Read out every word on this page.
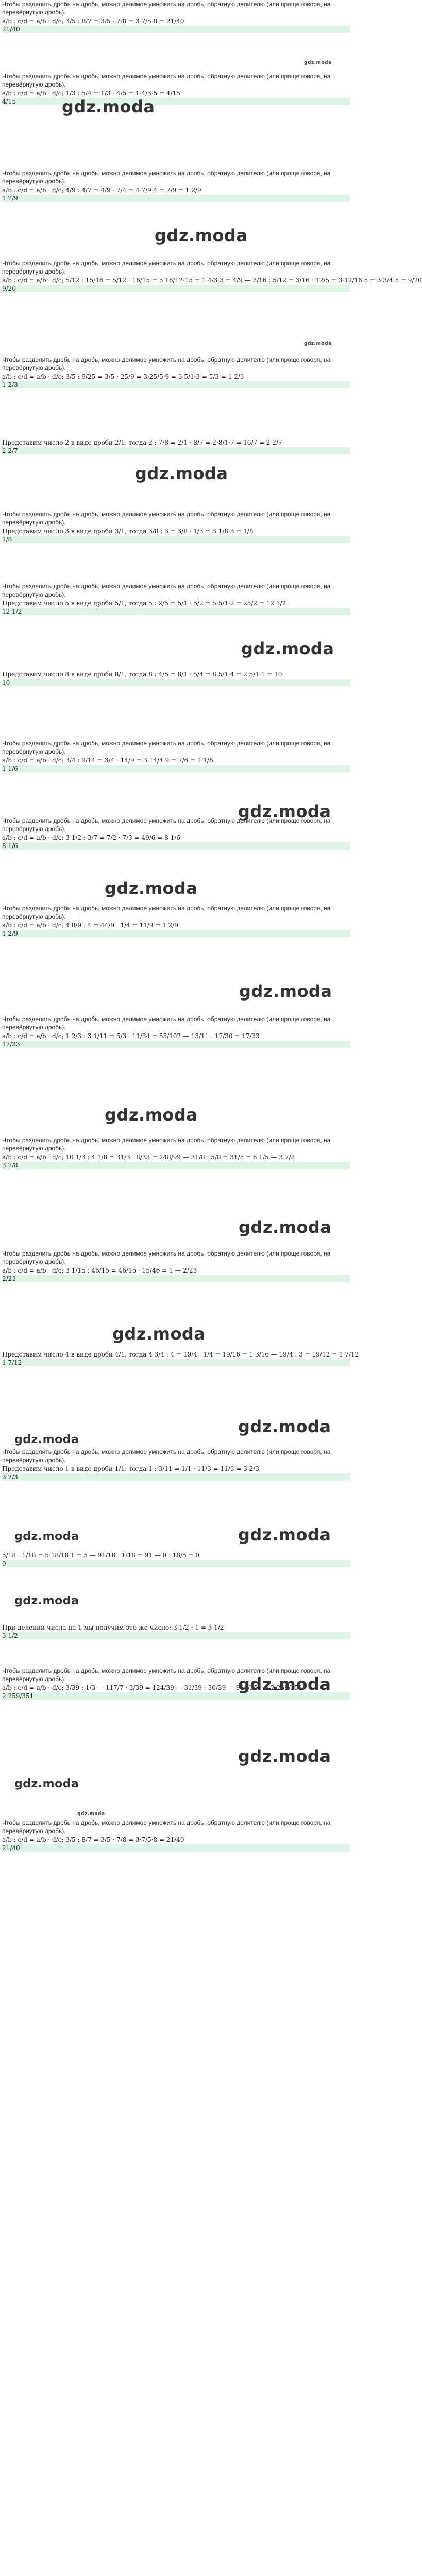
Чтобы разделить дробь на дробь, можно делимое умножить на дробь, обратную делителю (или проще говоря, на перевёрнутую дробь).
a/b : c/d = a/b · d/c; 3/5 : 8/7 = 3/5 · 7/8 = 3·7/5·8 = 21/40
21/40
gdz.moda
Чтобы разделить дробь на дробь, можно делимое умножить на дробь, обратную делителю (или проще говоря, на перевёрнутую дробь).
a/b : c/d = a/b · d/c; 1/3 : 5/4 = 1/3 · 4/5 = 1·4/3·5 = 4/15
4/15	gdz.moda
Чтобы разделить дробь на дробь, можно делимое умножить на дробь, обратную делителю (или проще говоря, на перевёрнутую дробь).
a/b : c/d = a/b · d/c; 4/9 : 4/7 = 4/9 · 7/4 = 4·7/9·4 = 7/9 = 1 2/9
1 2/9
gdz.moda
Чтобы разделить дробь на дробь, можно делимое умножить на дробь, обратную делителю (или проще говоря, на перевёрнутую дробь).
a/b : c/d = a/b · d/c; 5/12 : 15/16 = 5/12 · 16/15 = 5·16/12·15 = 1·4/3·3 = 4/9 — 3/16 : 5/12 = 3/16 · 12/5 = 3·12/16·5 = 3·3/4·5 = 9/20
9/20
gdz.moda
Чтобы разделить дробь на дробь, можно делимое умножить на дробь, обратную делителю (или проще говоря, на перевёрнутую дробь).
a/b : c/d = a/b · d/c; 3/5 : 9/25 = 3/5 · 25/9 = 3·25/5·9 = 3·5/1·3 = 5/3 = 1 2/3
1 2/3
Представим число 2 в виде дроби 2/1, тогда 2 : 7/8 = 2/1 · 8/7 = 2·8/1·7 = 16/7 = 2 2/7
2 2/7
gdz.moda
Чтобы разделить дробь на дробь, можно делимое умножить на дробь, обратную делителю (или проще говоря, на перевёрнутую дробь).
Представим число 3 в виде дроби 3/1, тогда 3/8 : 3 = 3/8 · 1/3 = 3·1/8·3 = 1/8
1/8
Чтобы разделить дробь на дробь, можно делимое умножить на дробь, обратную делителю (или проще говоря, на перевёрнутую дробь).
Представим число 5 в виде дроби 5/1, тогда 5 : 2/5 = 5/1 · 5/2 = 5·5/1·2 = 25/2 = 12 1/2
12 1/2
gdz.moda
Представим число 8 в виде дроби 8/1, тогда 8 : 4/5 = 8/1 · 5/4 = 8·5/1·4 = 2·5/1·1 = 10
10
Чтобы разделить дробь на дробь, можно делимое умножить на дробь, обратную делителю (или проще говоря, на перевёрнутую дробь).
a/b : c/d = a/b · d/c; 3/4 : 9/14 = 3/4 · 14/9 = 3·14/4·9 = 7/6 = 1 1/6
1 1/6
gdz.moda
Чтобы разделить дробь на дробь, можно делимое умножить на дробь, обратную делителю (или проще говоря, на перевёрнутую дробь).
a/b : c/d = a/b · d/c; 3 1/2 : 3/7 = 7/2 · 7/3 = 49/6 = 8 1/6
8 1/6
gdz.moda
Чтобы разделить дробь на дробь, можно делимое умножить на дробь, обратную делителю (или проще говоря, на перевёрнутую дробь).
a/b : c/d = a/b · d/c; 4 8/9 : 4 = 44/9 · 1/4 = 11/9 = 1 2/9
1 2/9
gdz.moda
Чтобы разделить дробь на дробь, можно делимое умножить на дробь, обратную делителю (или проще говоря, на перевёрнутую дробь).
a/b : c/d = a/b · d/c; 1 2/3 : 3 1/11 = 5/3 · 11/34 = 55/102 — 13/11 : 17/30 = 17/33
17/33
gdz.moda
Чтобы разделить дробь на дробь, можно делимое умножить на дробь, обратную делителю (или проще говоря, на перевёрнутую дробь).
a/b : c/d = a/b · d/c; 10 1/3 : 4 1/8 = 31/3 · 8/33 = 248/99 — 31/8 : 5/8 = 31/5 = 6 1/5 — 3 7/8
3 7/8
gdz.moda
Чтобы разделить дробь на дробь, можно делимое умножить на дробь, обратную делителю (или проще говоря, на перевёрнутую дробь).
a/b : c/d = a/b · d/c; 3 1/15 : 46/15 = 46/15 · 15/46 = 1 — 2/23
2/23
gdz.moda
Представим число 4 в виде дроби 4/1, тогда 4 3/4 : 4 = 19/4 · 1/4 = 19/16 = 1 3/16 — 19/4 : 3 = 19/12 = 1 7/12
1 7/12
gdz.moda
gdz.moda
Чтобы разделить дробь на дробь, можно делимое умножить на дробь, обратную делителю (или проще говоря, на перевёрнутую дробь).
Представим число 1 в виде дроби 1/1, тогда 1 : 3/11 = 1/1 · 11/3 = 11/3 = 3 2/3
3 2/3
gdz.moda	gdz.moda
5/18 : 1/18 = 5·18/18·1 = 5 — 91/18 : 1/18 = 91 — 0 : 18/5 = 0
0
gdz.moda
При делении числа на 1 мы получим это же число: 3 1/2 : 1 = 3 1/2
3 1/2
Чтобы разделить дробь на дробь, можно делимое умножить на дробь, обратную делителю (или проще говоря, на перевёрнутую дробь).
a/b : c/d = a/b · d/c; 3/39 : 1/3 — 117/7 · 3/39 = 124/39 — 31/39 : 30/39 — 961/351 = 2 259/351
2 259/351
gdz.moda
gdz.moda
gdz.moda
gdz.moda
Чтобы разделить дробь на дробь, можно делимое умножить на дробь, обратную делителю (или проще говоря, на перевёрнутую дробь).
a/b : c/d = a/b · d/c; 3/5 : 8/7 = 3/5 · 7/8 = 3·7/5·8 = 21/40
21/40
